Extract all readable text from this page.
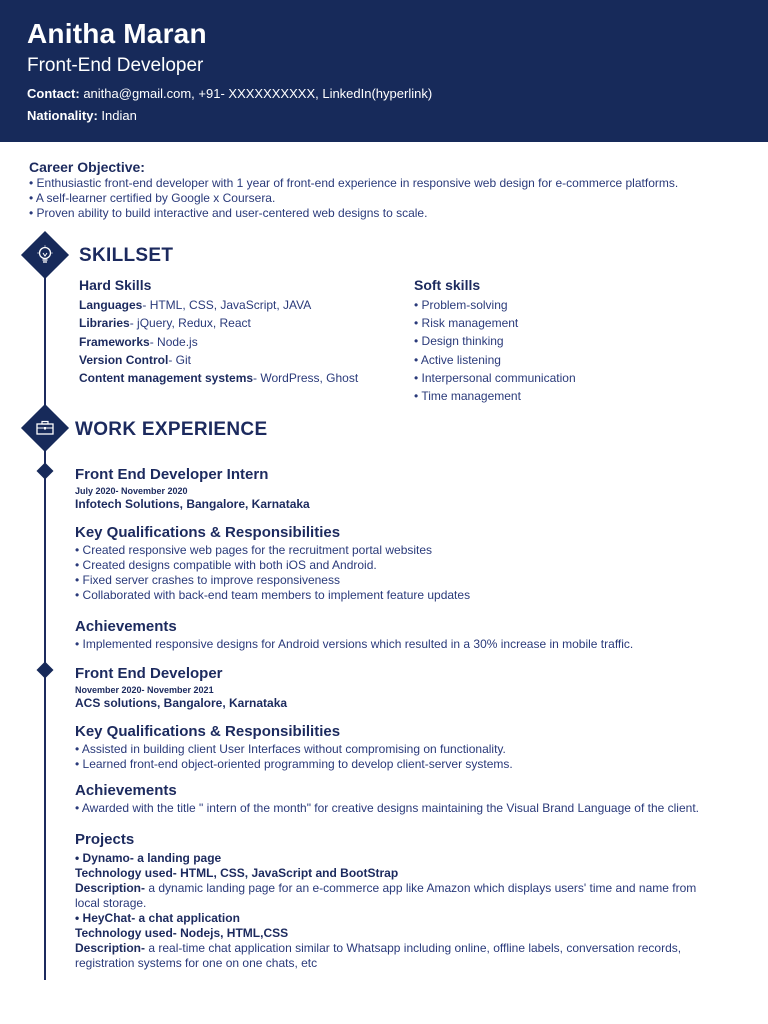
Anitha Maran
Front-End Developer
Contact: anitha@gmail.com, +91- XXXXXXXXXX, LinkedIn(hyperlink)
Nationality: Indian
Career Objective:
• Enthusiastic front-end developer with 1 year of front-end experience in responsive web design for e-commerce platforms.
• A self-learner certified by Google x Coursera.
• Proven ability to build interactive and user-centered web designs to scale.
SKILLSET
Hard Skills
Languages- HTML, CSS, JavaScript, JAVA
Libraries- jQuery, Redux, React
Frameworks- Node.js
Version Control- Git
Content management systems- WordPress, Ghost
Soft skills
• Problem-solving
• Risk management
• Design thinking
• Active listening
• Interpersonal communication
• Time management
WORK EXPERIENCE
Front End Developer Intern
July 2020- November 2020
Infotech Solutions, Bangalore, Karnataka
Key Qualifications & Responsibilities
• Created responsive web pages for the recruitment portal websites
• Created designs compatible with both iOS and Android.
• Fixed server crashes to improve responsiveness
• Collaborated with back-end team members to implement feature updates
Achievements
• Implemented responsive designs for Android versions which resulted in a 30% increase in mobile traffic.
Front End Developer
November 2020- November 2021
ACS solutions, Bangalore, Karnataka
Key Qualifications & Responsibilities
• Assisted in building client User Interfaces without compromising on functionality.
• Learned front-end object-oriented programming to develop client-server systems.
Achievements
• Awarded with the title " intern of the month" for creative designs maintaining the Visual Brand Language of the client.
Projects
• Dynamo- a landing page
Technology used- HTML, CSS, JavaScript and BootStrap
Description- a dynamic landing page for an e-commerce app like Amazon which displays users' time and name from
local storage.
• HeyChat- a chat application
Technology used- Nodejs, HTML,CSS
Description- a real-time chat application similar to Whatsapp including online, offline labels, conversation records,
registration systems for one on one chats, etc
